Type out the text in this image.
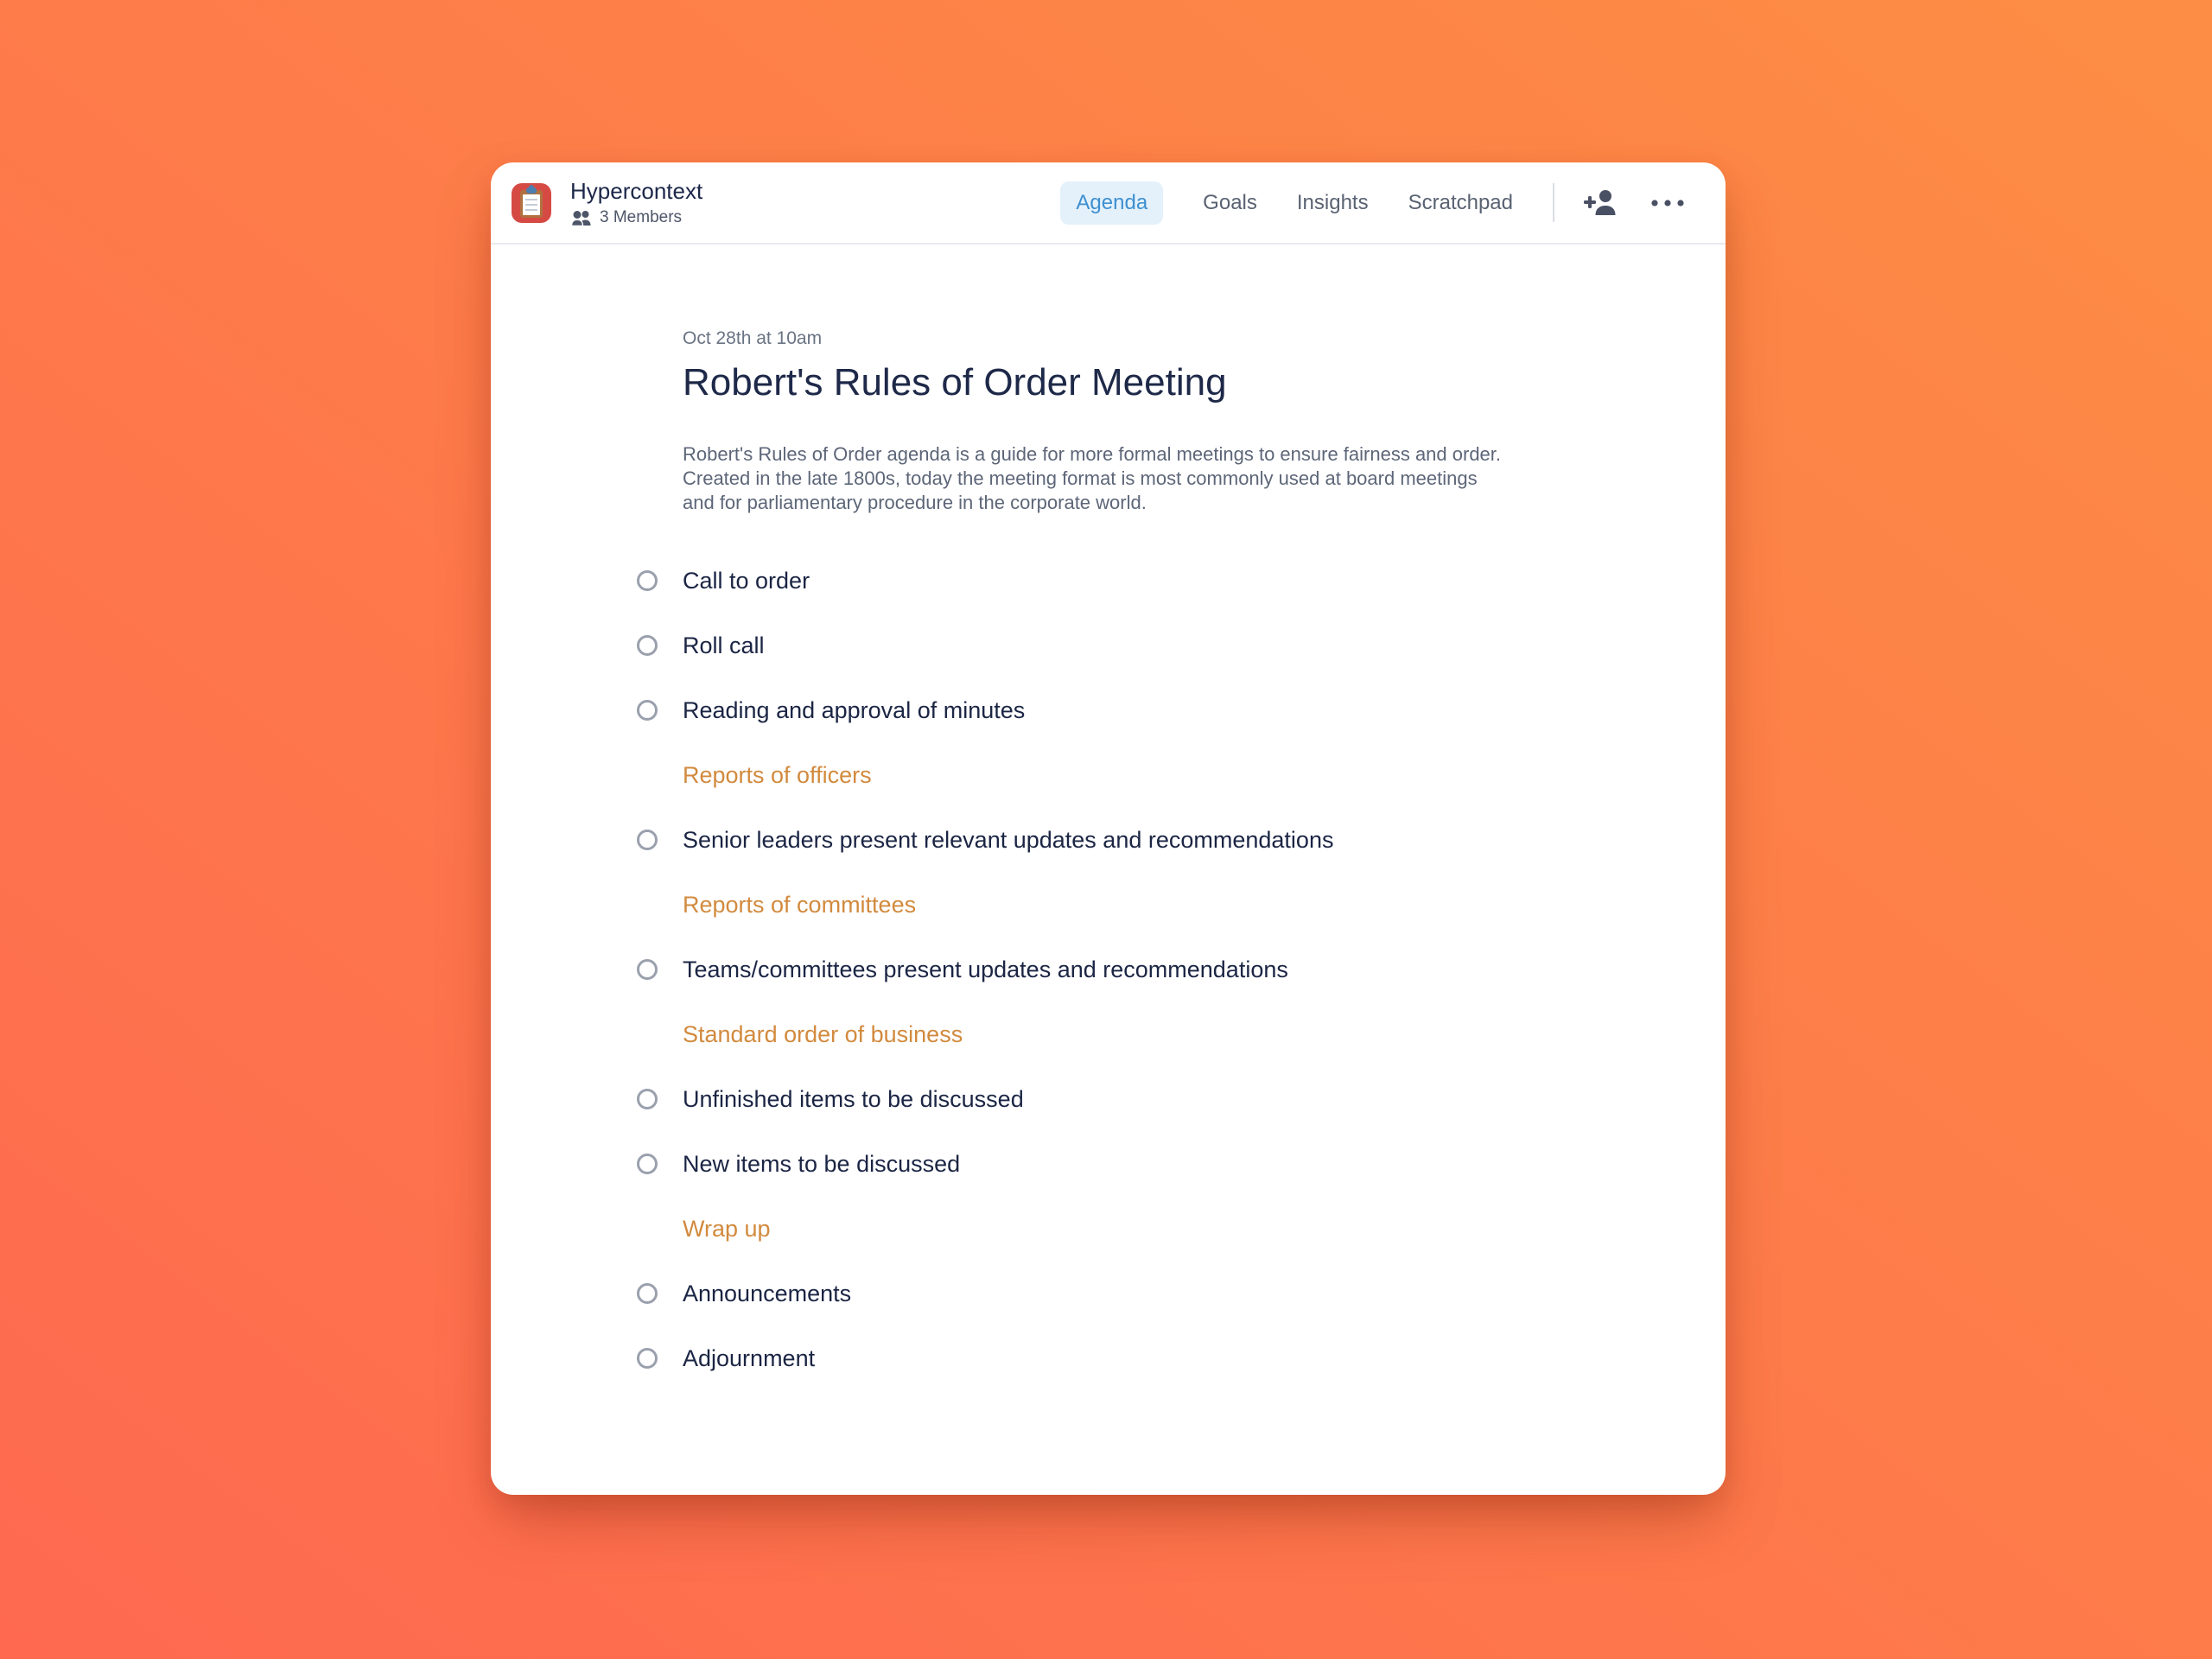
Hypercontext
3 Members
Agenda	Goals Insights Scratchpad
Oct 28th at 10am
Robert's Rules of Order Meeting

Robert's Rules of Order agenda is a guide for more formal meetings to ensure fairness and order. Created in the late 1800s, today the meeting format is most commonly used at board meetings and for parliamentary procedure in the corporate world.

Call to order
Roll call
Reading and approval of minutes
Reports of officers
Senior leaders present relevant updates and recommendations
Reports of committees
Teams/committees present updates and recommendations
Standard order of business
Unfinished items to be discussed
New items to be discussed
Wrap up
Announcements
Adjournment
